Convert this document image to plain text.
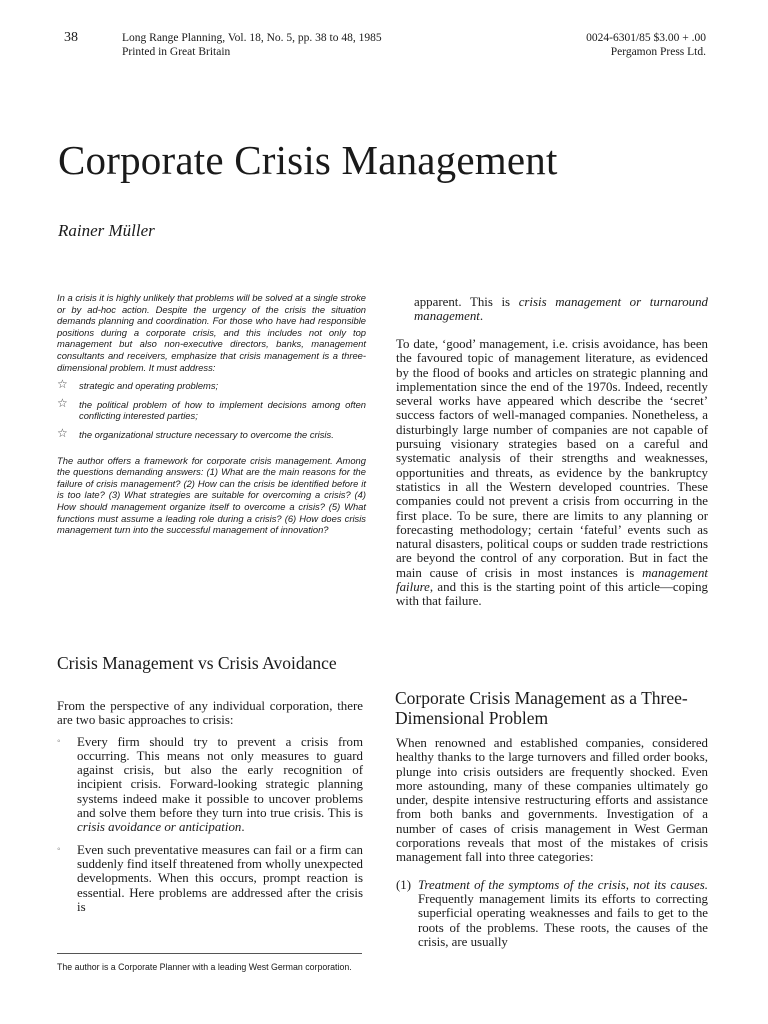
38	Long Range Planning, Vol. 18, No. 5, pp. 38 to 48, 1985
Printed in Great Britain
0024-6301/85 $3.00 + .00
Pergamon Press Ltd.
Corporate Crisis Management
Rainer Müller

In a crisis it is highly unlikely that problems will be solved at a single stroke or by ad-hoc action. Despite the urgency of the crisis the situation demands planning and coordination. For those who have had responsible positions during a corporate crisis, and this includes not only top management but also non-executive directors, banks, management consultants and receivers, emphasize that crisis management is a three-dimensional problem. It must address:

☆ strategic and operating problems;
☆ the political problem of how to implement decisions among often conflicting interested parties;
☆ the organizational structure necessary to overcome the crisis.

The author offers a framework for corporate crisis management. Among the questions demanding answers: (1) What are the main reasons for the failure of crisis management? (2) How can the crisis be identified before it is too late? (3) What strategies are suitable for overcoming a crisis? (4) How should management organize itself to overcome a crisis? (5) What functions must assume a leading role during a crisis? (6) How does crisis management turn into the successful management of innovation?

Crisis Management vs Crisis Avoidance

From the perspective of any individual corporation, there are two basic approaches to crisis:

◦ Every firm should try to prevent a crisis from occurring. This means not only measures to guard against crisis, but also the early recognition of incipient crisis. Forward-looking strategic planning systems indeed make it possible to uncover problems and solve them before they turn into true crisis. This is crisis avoidance or anticipation.
◦ Even such preventative measures can fail or a firm can suddenly find itself threatened from wholly unexpected developments. When this occurs, prompt reaction is essential. Here problems are addressed after the crisis is

apparent. This is crisis management or turnaround management.

To date, ‘good’ management, i.e. crisis avoidance, has been the favoured topic of management literature, as evidenced by the flood of books and articles on strategic planning and implementation since the end of the 1970s. Indeed, recently several works have appeared which describe the ‘secret’ success factors of well-managed companies. Nonetheless, a disturbingly large number of companies are not capable of pursuing visionary strategies based on a careful and systematic analysis of their strengths and weaknesses, opportunities and threats, as evidence by the bankruptcy statistics in all the Western developed countries. These companies could not prevent a crisis from occurring in the first place. To be sure, there are limits to any planning or forecasting methodology; certain ‘fateful’ events such as natural disasters, political coups or sudden trade restrictions are beyond the control of any corporation. But in fact the main cause of crisis in most instances is management failure, and this is the starting point of this article—coping with that failure.

Corporate Crisis Management as a Three-Dimensional Problem

When renowned and established companies, considered healthy thanks to the large turnovers and filled order books, plunge into crisis outsiders are frequently shocked. Even more astounding, many of these companies ultimately go under, despite intensive restructuring efforts and assistance from both banks and governments. Investigation of a number of cases of crisis management in West German corporations reveals that most of the mistakes of crisis management fall into three categories:

(1) Treatment of the symptoms of the crisis, not its causes. Frequently management limits its efforts to correcting superficial operating weaknesses and fails to get to the roots of the problems. These roots, the causes of the crisis, are usually
The author is a Corporate Planner with a leading West German corporation.
